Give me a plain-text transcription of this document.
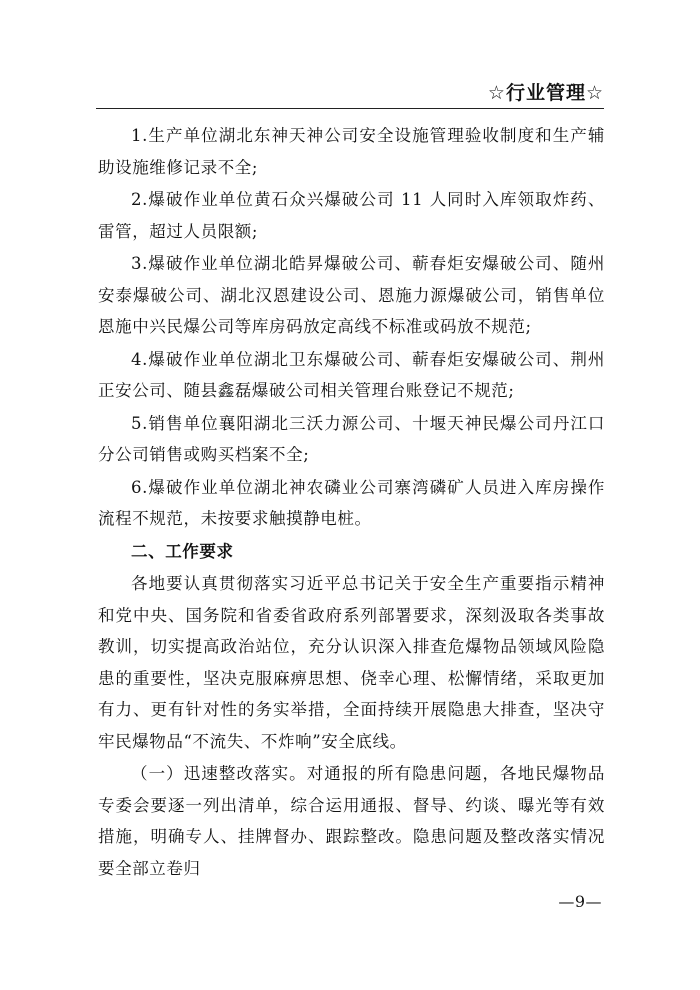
☆行业管理☆

1.生产单位湖北东神天神公司安全设施管理验收制度和生产辅助设施维修记录不全;

2.爆破作业单位黄石众兴爆破公司 11 人同时入库领取炸药、雷管，超过人员限额;

3.爆破作业单位湖北皓昇爆破公司、蕲春炬安爆破公司、随州安泰爆破公司、湖北汉恩建设公司、恩施力源爆破公司，销售单位恩施中兴民爆公司等库房码放定高线不标准或码放不规范;

4.爆破作业单位湖北卫东爆破公司、蕲春炬安爆破公司、荆州正安公司、随县鑫磊爆破公司相关管理台账登记不规范;

5.销售单位襄阳湖北三沃力源公司、十堰天神民爆公司丹江口分公司销售或购买档案不全;

6.爆破作业单位湖北神农磷业公司寨湾磷矿人员进入库房操作流程不规范，未按要求触摸静电桩。

二、工作要求

各地要认真贯彻落实习近平总书记关于安全生产重要指示精神和党中央、国务院和省委省政府系列部署要求，深刻汲取各类事故教训，切实提高政治站位，充分认识深入排查危爆物品领域风险隐患的重要性，坚决克服麻痹思想、侥幸心理、松懈情绪，采取更加有力、更有针对性的务实举措，全面持续开展隐患大排查，坚决守牢民爆物品“不流失、不炸响”安全底线。

（一）迅速整改落实。对通报的所有隐患问题，各地民爆物品专委会要逐一列出清单，综合运用通报、督导、约谈、曝光等有效措施，明确专人、挂牌督办、跟踪整改。隐患问题及整改落实情况要全部立卷归

—9—
